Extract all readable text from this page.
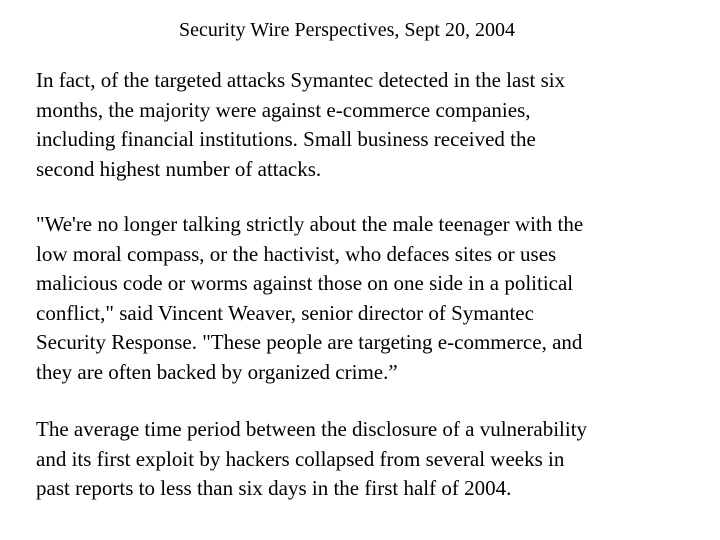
Security Wire Perspectives, Sept 20, 2004
In fact, of the targeted attacks Symantec detected in the last six
months, the majority were against e-commerce companies,
including financial institutions. Small business received the
second highest number of attacks.
"We're no longer talking strictly about the male teenager with the
low moral compass, or the hactivist, who defaces sites or uses
malicious code or worms against those on one side in a political
conflict," said Vincent Weaver, senior director of Symantec
Security Response. "These people are targeting e-commerce, and
they are often backed by organized crime.”
The average time period between the disclosure of a vulnerability
and its first exploit by hackers collapsed from several weeks in
past reports to less than six days in the first half of 2004.
